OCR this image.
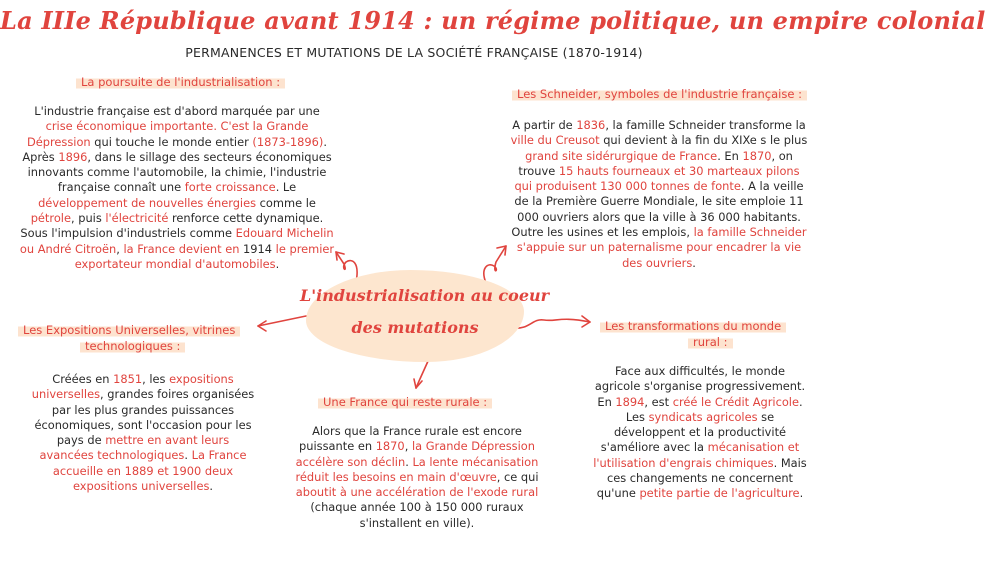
La IIIe République avant 1914 : un régime politique, un empire colonial
PERMANENCES ET MUTATIONS DE LA SOCIÉTÉ FRANÇAISE (1870-1914)
L'industrialisation au coeur
des mutations
La poursuite de l'industrialisation :
L'industrie française est d'abord marquée par une
crise économique importante. C'est la Grande
Dépression qui touche le monde entier (1873-1896).
Après 1896, dans le sillage des secteurs économiques
innovants comme l'automobile, la chimie, l'industrie
française connaît une forte croissance. Le
développement de nouvelles énergies comme le
pétrole, puis l'électricité renforce cette dynamique.
Sous l'impulsion d'industriels comme Edouard Michelin
ou André Citroën, la France devient en 1914 le premier
exportateur mondial d'automobiles.
Les Schneider, symboles de l'industrie française :
A partir de 1836, la famille Schneider transforme la
ville du Creusot qui devient à la fin du XIXe s le plus
grand site sidérurgique de France. En 1870, on
trouve 15 hauts fourneaux et 30 marteaux pilons
qui produisent 130 000 tonnes de fonte. A la veille
de la Première Guerre Mondiale, le site emploie 11
000 ouvriers alors que la ville à 36 000 habitants.
Outre les usines et les emplois, la famille Schneider
s'appuie sur un paternalisme pour encadrer la vie
des ouvriers.
Les Expositions Universelles, vitrines
technologiques :
Créées en 1851, les expositions
universelles, grandes foires organisées
par les plus grandes puissances
économiques, sont l'occasion pour les
pays de mettre en avant leurs
avancées technologiques. La France
accueille en 1889 et 1900 deux
expositions universelles.
Une France qui reste rurale :
Alors que la France rurale est encore
puissante en 1870, la Grande Dépression
accélère son déclin. La lente mécanisation
réduit les besoins en main d'œuvre, ce qui
aboutit à une accélération de l'exode rural
(chaque année 100 à 150 000 ruraux
s'installent en ville).
Les transformations du monde
rural :
Face aux difficultés, le monde
agricole s'organise progressivement.
En 1894, est créé le Crédit Agricole.
Les syndicats agricoles se
développent et la productivité
s'améliore avec la mécanisation et
l'utilisation d'engrais chimiques. Mais
ces changements ne concernent
qu'une petite partie de l'agriculture.
